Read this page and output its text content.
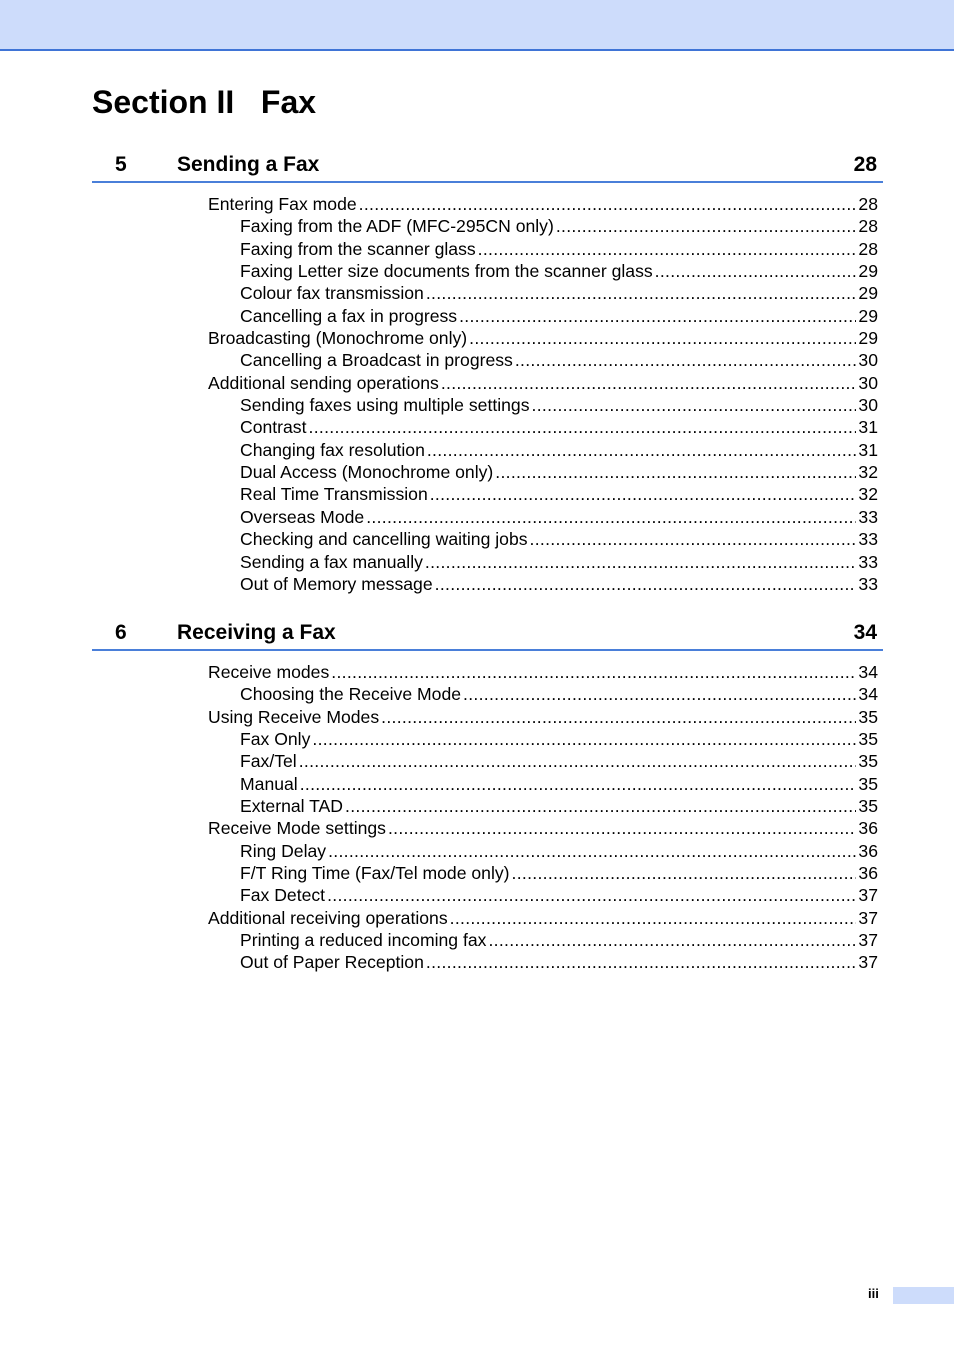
Section II   Fax
5 Sending a Fax	28
Entering Fax mode .....	28
Faxing from the ADF (MFC-295CN only) .....	28
Faxing from the scanner glass .....	28
Faxing Letter size documents from the scanner glass .....	29
Colour fax transmission .....	29
Cancelling a fax in progress .....	29
Broadcasting (Monochrome only) .....	29
Cancelling a Broadcast in progress .....	30
Additional sending operations .....	30
Sending faxes using multiple settings .....	30
Contrast .....	31
Changing fax resolution .....	31
Dual Access (Monochrome only) .....	32
Real Time Transmission .....	32
Overseas Mode .....	33
Checking and cancelling waiting jobs .....	33
Sending a fax manually .....	33
Out of Memory message .....	33
6 Receiving a Fax	34
Receive modes .....	34
Choosing the Receive Mode .....	34
Using Receive Modes .....	35
Fax Only .....	35
Fax/Tel .....	35
Manual .....	35
External TAD .....	35
Receive Mode settings .....	36
Ring Delay .....	36
F/T Ring Time (Fax/Tel mode only) .....	36
Fax Detect .....	37
Additional receiving operations .....	37
Printing a reduced incoming fax .....	37
Out of Paper Reception .....	37
iii
